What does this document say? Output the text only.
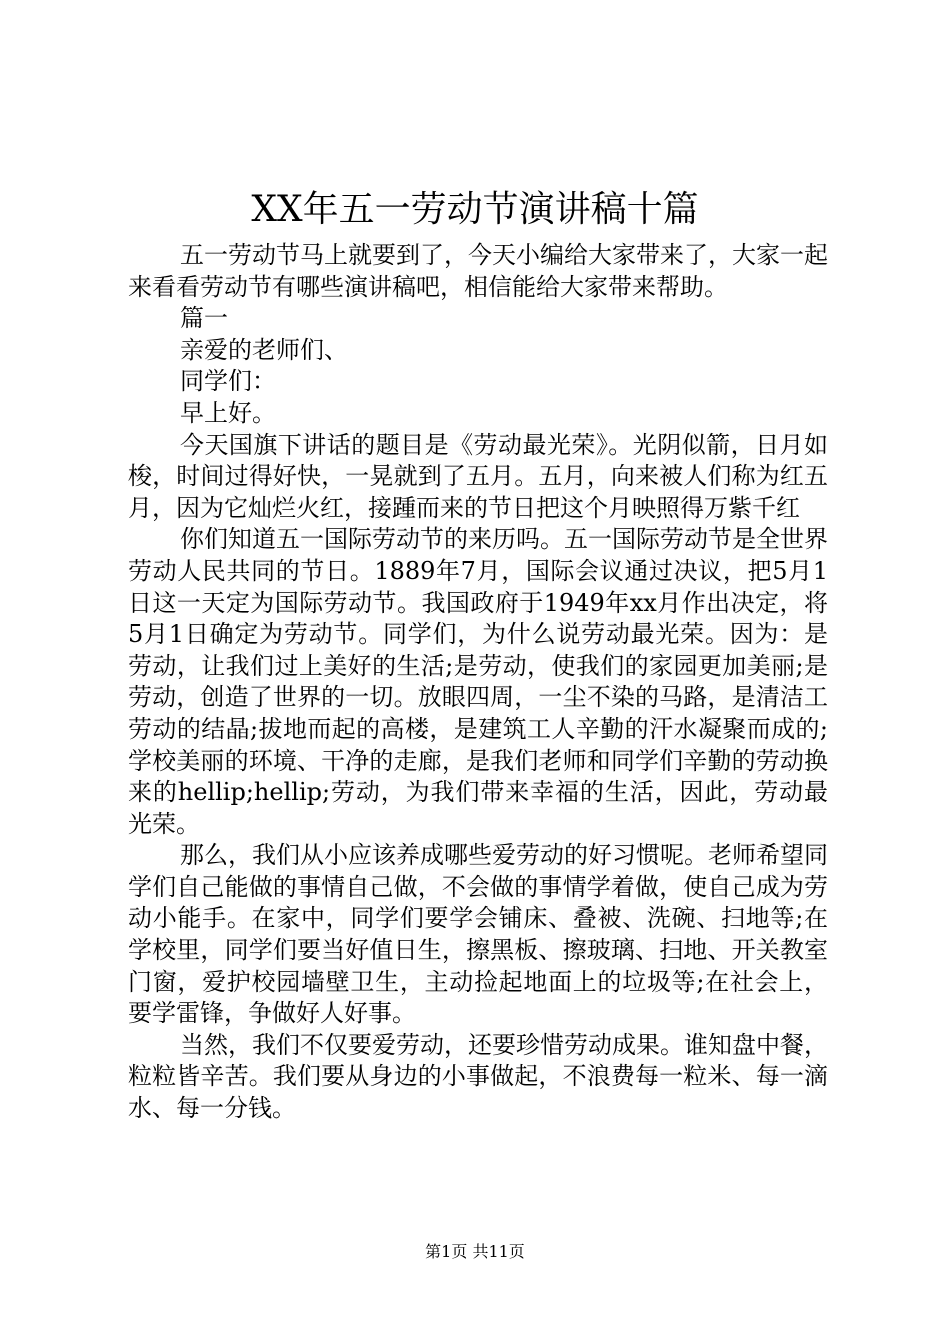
XX年五一劳动节演讲稿十篇

五一劳动节马上就要到了，今天小编给大家带来了，大家一起来看看劳动节有哪些演讲稿吧，相信能给大家带来帮助。

篇一

亲爱的老师们、

同学们：

早上好。

今天国旗下讲话的题目是《劳动最光荣》。光阴似箭，日月如梭，时间过得好快，一晃就到了五月。五月，向来被人们称为红五月，因为它灿烂火红，接踵而来的节日把这个月映照得万紫千红

你们知道五一国际劳动节的来历吗。五一国际劳动节是全世界劳动人民共同的节日。1889年7月，国际会议通过决议，把5月1日这一天定为国际劳动节。我国政府于1949年xx月作出决定，将5月1日确定为劳动节。同学们，为什么说劳动最光荣。因为：是劳动，让我们过上美好的生活;是劳动，使我们的家园更加美丽;是劳动，创造了世界的一切。放眼四周，一尘不染的马路，是清洁工劳动的结晶;拔地而起的高楼，是建筑工人辛勤的汗水凝聚而成的;学校美丽的环境、干净的走廊，是我们老师和同学们辛勤的劳动换来的hellip;hellip;劳动，为我们带来幸福的生活，因此，劳动最光荣。

那么，我们从小应该养成哪些爱劳动的好习惯呢。老师希望同学们自己能做的事情自己做，不会做的事情学着做，使自己成为劳动小能手。在家中，同学们要学会铺床、叠被、洗碗、扫地等;在学校里，同学们要当好值日生，擦黑板、擦玻璃、扫地、开关教室门窗，爱护校园墙壁卫生，主动捡起地面上的垃圾等;在社会上，要学雷锋，争做好人好事。

当然，我们不仅要爱劳动，还要珍惜劳动成果。谁知盘中餐，粒粒皆辛苦。我们要从身边的小事做起，不浪费每一粒米、每一滴水、每一分钱。

第1页 共11页
